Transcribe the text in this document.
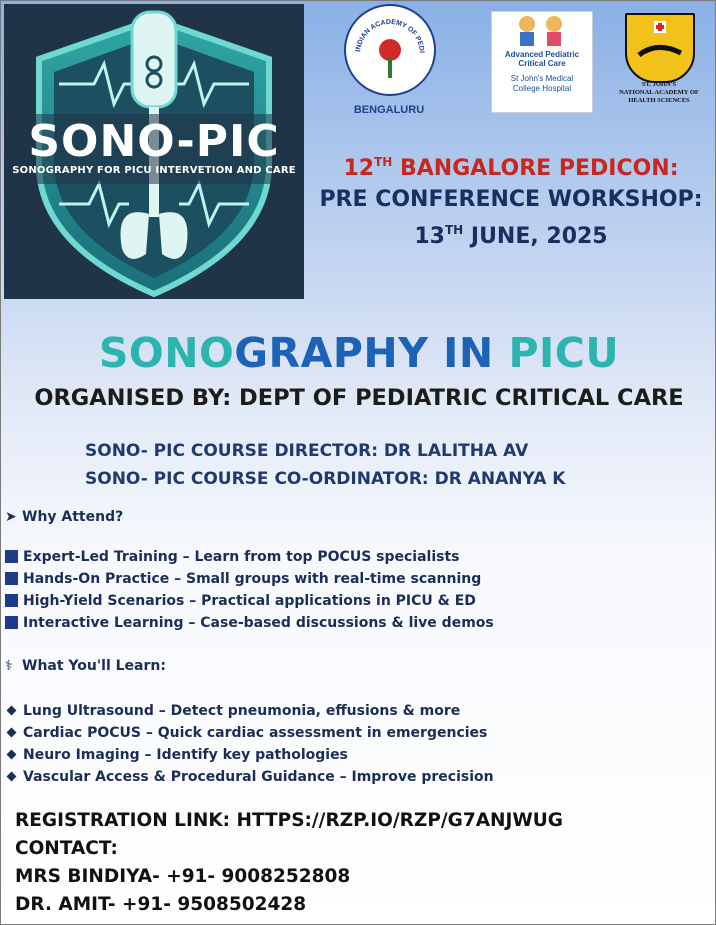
SONO-PIC
SONOGRAPHY FOR PICU INTERVETION AND CARE
INDIAN ACADEMY OF PEDI
BENGALURU
Advanced Pediatric
Critical Care
St John's Medical
College Hospital	ST. JOHN'S
NATIONAL ACADEMY OF
HEALTH SCIENCES
12TH BANGALORE PEDICON:
PRE CONFERENCE WORKSHOP:
13TH JUNE, 2025
SONOGRAPHY IN PICU
ORGANISED BY: DEPT OF PEDIATRIC CRITICAL CARE
SONO- PIC COURSE DIRECTOR: DR LALITHA AV
SONO- PIC COURSE CO-ORDINATOR: DR ANANYA K
➤ Why Attend?
Expert-Led Training – Learn from top POCUS specialists
Hands-On Practice – Small groups with real-time scanning
High-Yield Scenarios – Practical applications in PICU & ED
Interactive Learning – Case-based discussions & live demos
⚕ What You'll Learn:
Lung Ultrasound – Detect pneumonia, effusions & more
Cardiac POCUS – Quick cardiac assessment in emergencies
Neuro Imaging – Identify key pathologies
Vascular Access & Procedural Guidance – Improve precision
REGISTRATION LINK: HTTPS://RZP.IO/RZP/G7ANJWUG
CONTACT:
MRS BINDIYA- +91- 9008252808
DR. AMIT- +91- 9508502428
